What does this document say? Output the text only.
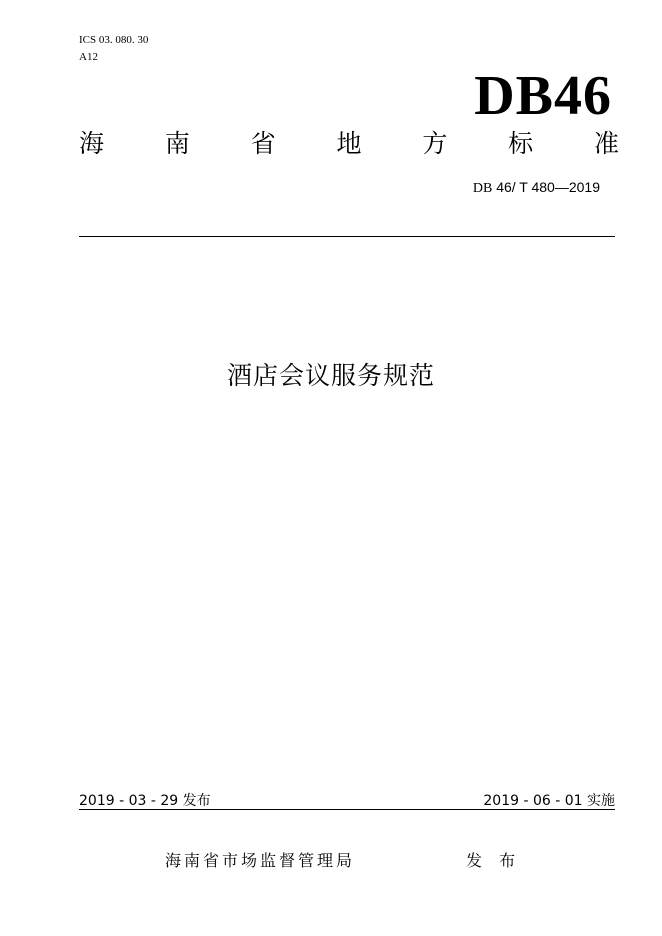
ICS 03. 080. 30
A12
DB46
海 南 省 地 方 标 准
DB 46/ T 480—2019
酒店会议服务规范
2019 - 03 - 29 发布	2019 - 06 - 01 实施
海南省市场监督管理局	发 布
